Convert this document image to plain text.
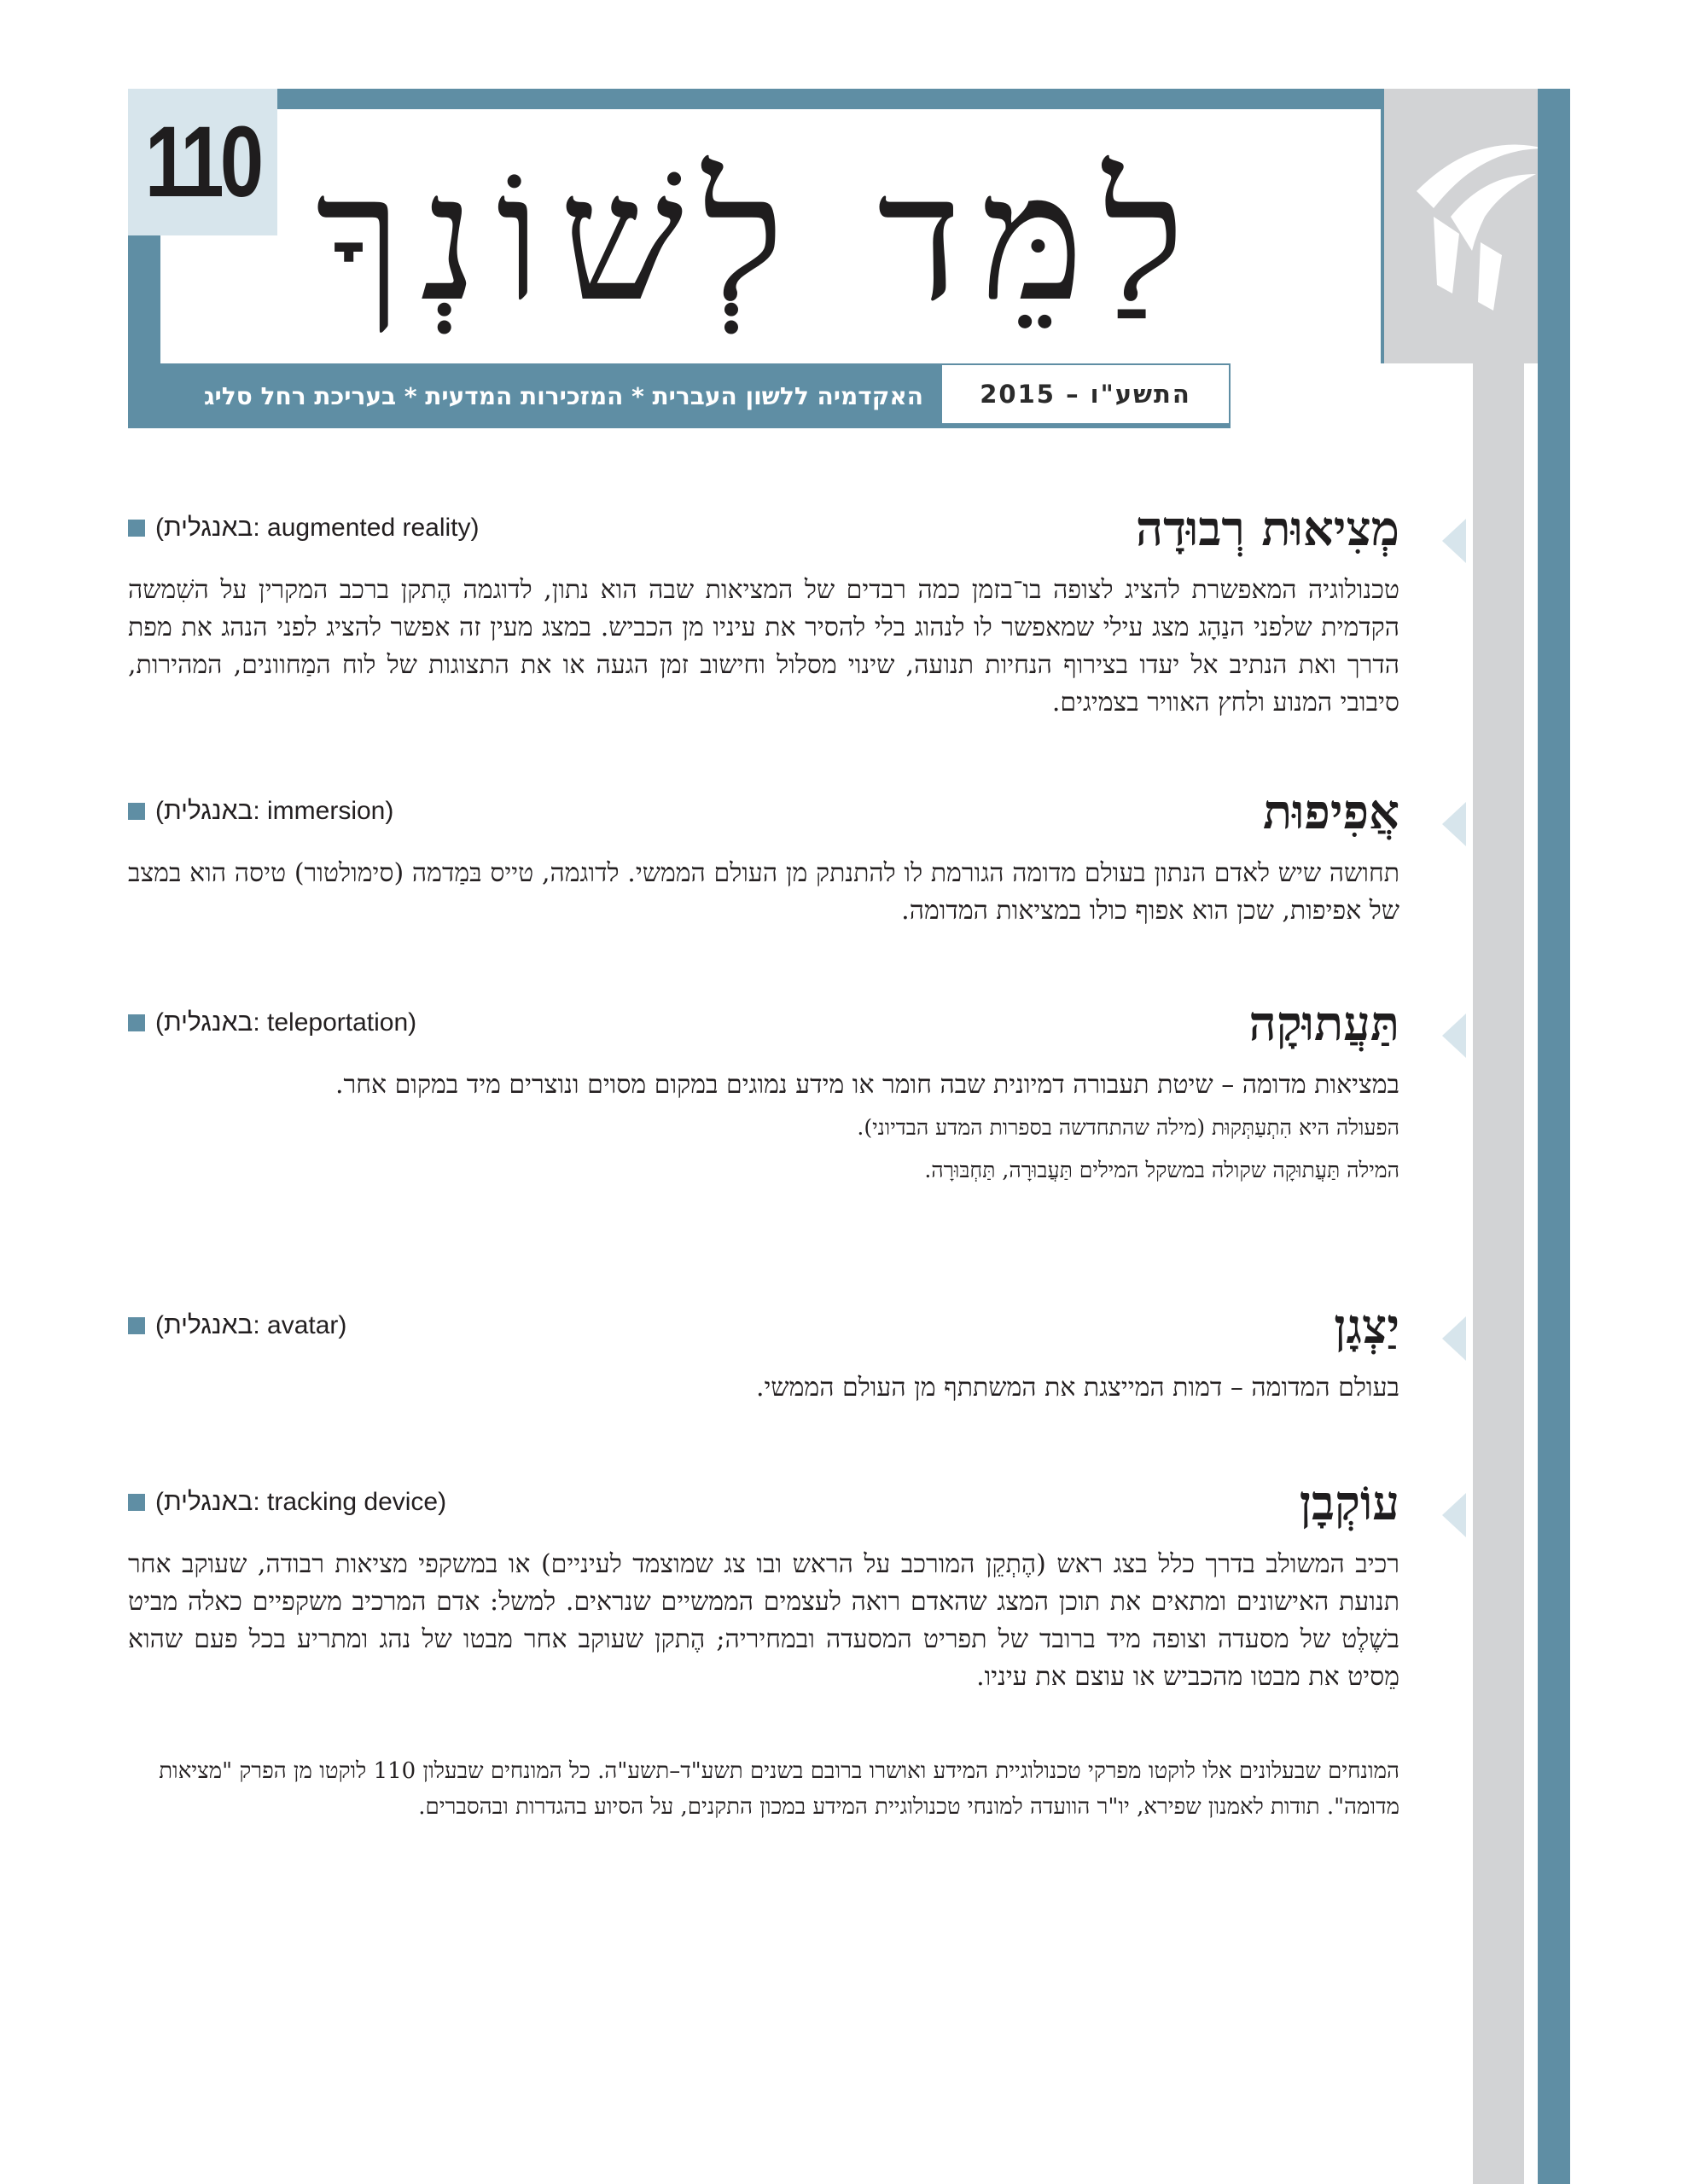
110 לַמֵּד לְשׁוֹנְךָ
התשע"ו – 2015
האקדמיה ללשון העברית * המזכירות המדעית * בעריכת רחל סליג
מְצִיאוּת רְבוּדָה
(augmented reality :באנגלית)
טכנולוגיה המאפשרת להציג לצופה בו־בזמן כמה רבדים של המציאות שבה הוא נתון, לדוגמה הֶתקן ברכב המקרין על השִׁמשה הקדמית שלפני הנַהָג מצג עילי שמאפשר לו לנהוג בלי להסיר את עיניו מן הכביש. במצג מעין זה אפשר להציג לפני הנהג את מפת הדרך ואת הנתיב אל יעדו בצירוף הנחיות תנועה, שינוי מסלול וחישוב זמן הגעה או את התצוגות של לוח המַחוונים, המהירות, סיבובי המנוע ולחץ האוויר בצמיגים.
אֲפִיפוּת
(immersion :באנגלית)
תחושה שיש לאדם הנתון בעולם מדומה הגורמת לו להתנתק מן העולם הממשי. לדוגמה, טייס בּמַדמה (סימולטור) טיסה הוא במצב של אפיפות, שכן הוא אפוף כולו במציאות המדומה.
תַּעֲתוּקָה
(teleportation :באנגלית)
במציאות מדומה – שיטת תעבורה דמיונית שבה חומר או מידע נמוגים במקום מסוים ונוצרים מיד במקום אחר.
הפעולה היא הִתְעַתְּקוּת (מילה שהתחדשה בספרות המדע הבדיוני).
המילה תַּעֲתוּקָה שקולה במשקל המילים תַּעֲבוּרָה, תַּחְבּוּרָה.
יַצְגָן
(avatar :באנגלית)
בעולם המדומה – דמות המייצגת את המשתתף מן העולם הממשי.
עוֹקְבָן
(tracking device :באנגלית)
רכיב המשולב בדרך כלל בצג ראש (הֶתְקֵן המורכב על הראש ובו צג שמוצמד לעיניים) או במשקפי מציאות רבודה, שעוקב אחר תנועת האישונים ומתאים את תוכן המצג שהאדם רואה לעצמים הממשיים שנראים. למשל: אדם המרכיב משקפיים כאלה מביט בשֶׁלֶט של מסעדה וצופה מיד ברובד של תפריט המסעדה ובמחיריה; הֶתקן שעוקב אחר מבטו של נהג ומתריע בכל פעם שהוא מֵסיט את מבטו מהכביש או עוצם את עיניו.
המונחים שבעלונים אלו לוקטו מפרקי טכנולוגיית המידע ואושרו ברובם בשנים תשע"ד–תשע"ה. כל המונחים שבעלון 110 לוקטו מן הפרק "מציאות מדומה". תודות לאמנון שפירא, יו"ר הוועדה למונחי טכנולוגיית המידע במכון התקנים, על הסיוע בהגדרות ובהסברים.
